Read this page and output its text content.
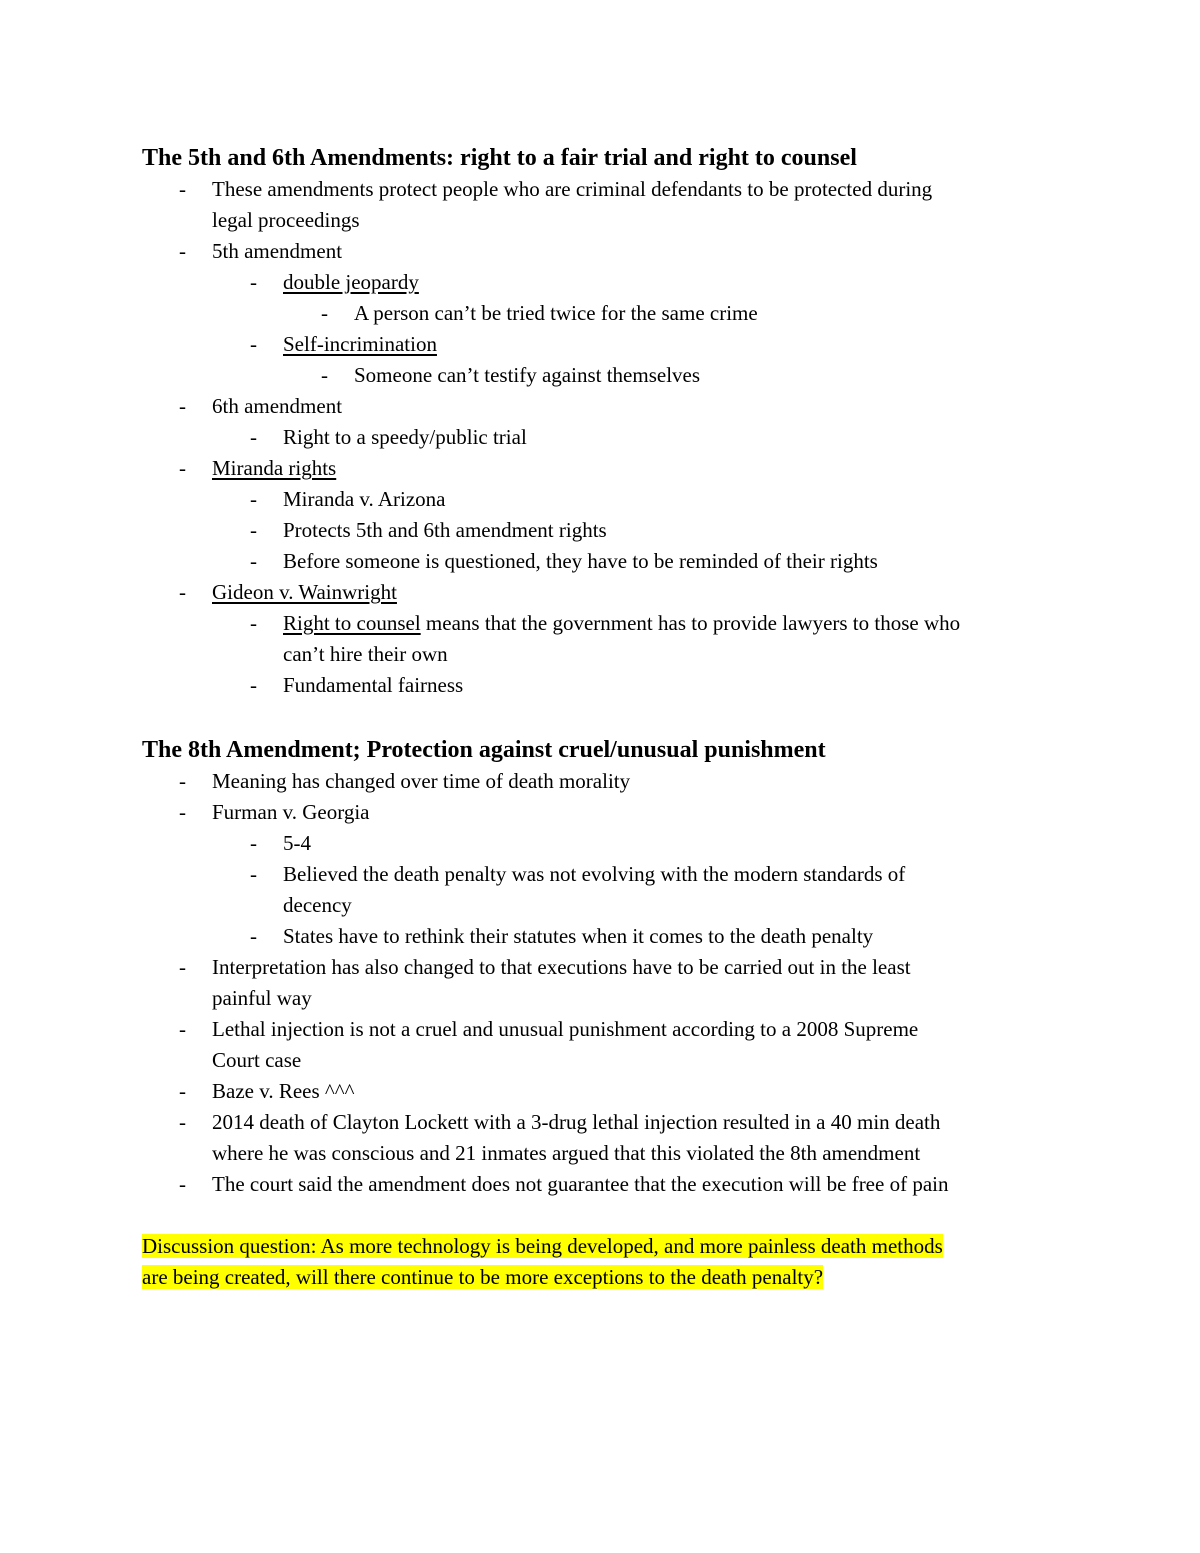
The 5th and 6th Amendments: right to a fair trial and right to counsel
- These amendments protect people who are criminal defendants to be protected during
legal proceedings
- 5th amendment
- double jeopardy
- A person can’t be tried twice for the same crime
- Self-incrimination
- Someone can’t testify against themselves
- 6th amendment
- Right to a speedy/public trial
- Miranda rights
- Miranda v. Arizona
- Protects 5th and 6th amendment rights
- Before someone is questioned, they have to be reminded of their rights
- Gideon v. Wainwright
- Right to counsel means that the government has to provide lawyers to those who
can’t hire their own
- Fundamental fairness
The 8th Amendment; Protection against cruel/unusual punishment
- Meaning has changed over time of death morality
- Furman v. Georgia
- 5-4
- Believed the death penalty was not evolving with the modern standards of
decency
- States have to rethink their statutes when it comes to the death penalty
- Interpretation has also changed to that executions have to be carried out in the least
painful way
- Lethal injection is not a cruel and unusual punishment according to a 2008 Supreme
Court case
- Baze v. Rees ^^^
- 2014 death of Clayton Lockett with a 3-drug lethal injection resulted in a 40 min death
where he was conscious and 21 inmates argued that this violated the 8th amendment
- The court said the amendment does not guarantee that the execution will be free of pain
Discussion question: As more technology is being developed, and more painless death methods
are being created, will there continue to be more exceptions to the death penalty?
